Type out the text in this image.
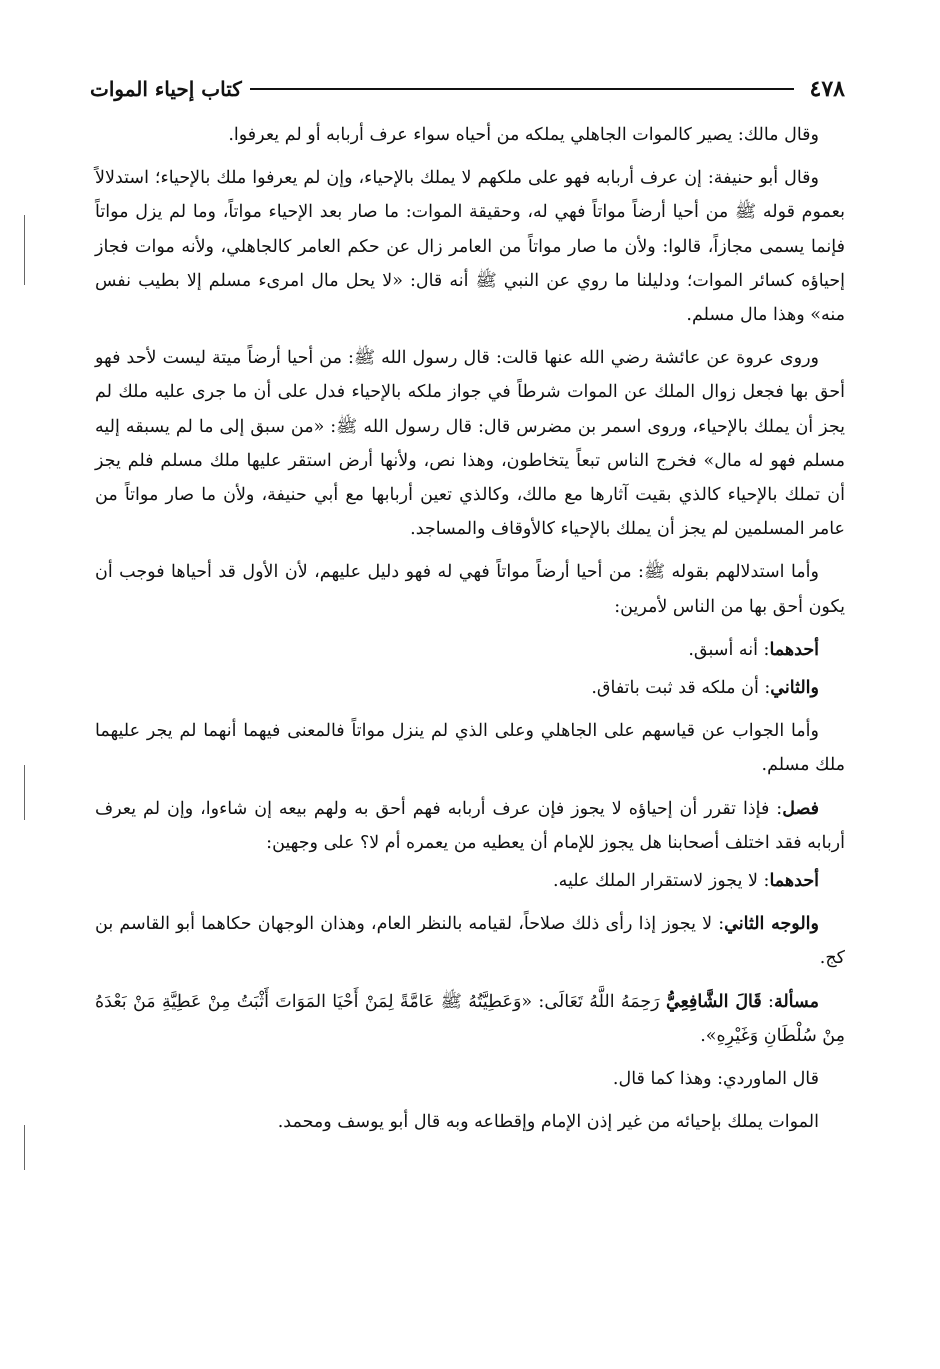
٤٧٨
كتاب إحياء الموات

وقال مالك: يصير كالموات الجاهلي يملكه من أحياه سواء عرف أربابه أو لم يعرفوا.

وقال أبو حنيفة: إن عرف أربابه فهو على ملكهم لا يملك بالإحياء، وإن لم يعرفوا ملك بالإحياء؛ استدلالاً بعموم قوله ﷺ من أحيا أرضاً مواتاً فهي له، وحقيقة الموات: ما صار بعد الإحياء مواتاً، وما لم يزل مواتاً فإنما يسمى مجازاً، قالوا: ولأن ما صار مواتاً من العامر زال عن حكم العامر كالجاهلي، ولأنه موات فجاز إحياؤه كسائر الموات؛ ودليلنا ما روي عن النبي ﷺ أنه قال: «لا يحل مال امرىء مسلم إلا بطيب نفس منه» وهذا مال مسلم.

وروى عروة عن عائشة رضي الله عنها قالت: قال رسول الله ﷺ: من أحيا أرضاً ميتة ليست لأحد فهو أحق بها فجعل زوال الملك عن الموات شرطاً في جواز ملكه بالإحياء فدل على أن ما جرى عليه ملك لم يجز أن يملك بالإحياء، وروى اسمر بن مضرس قال: قال رسول الله ﷺ: «من سبق إلى ما لم يسبقه إليه مسلم فهو له مال» فخرج الناس تبعاً يتخاطون، وهذا نص، ولأنها أرض استقر عليها ملك مسلم فلم يجز أن تملك بالإحياء كالذي بقيت آثارها مع مالك، وكالذي تعين أربابها مع أبي حنيفة، ولأن ما صار مواتاً من عامر المسلمين لم يجز أن يملك بالإحياء كالأوقاف والمساجد.

وأما استدلالهم بقوله ﷺ: من أحيا أرضاً مواتاً فهي له فهو دليل عليهم، لأن الأول قد أحياها فوجب أن يكون أحق بها من الناس لأمرين:

أحدهما: أنه أسبق.

والثاني: أن ملكه قد ثبت باتفاق.

وأما الجواب عن قياسهم على الجاهلي وعلى الذي لم ينزل مواتاً فالمعنى فيهما أنهما لم يجر عليهما ملك مسلم.

فصل: فإذا تقرر أن إحياؤه لا يجوز فإن عرف أربابه فهم أحق به ولهم بيعه إن شاءوا، وإن لم يعرف أربابه فقد اختلف أصحابنا هل يجوز للإمام أن يعطيه من يعمره أم لا؟ على وجهين:

أحدهما: لا يجوز لاستقرار الملك عليه.

والوجه الثاني: لا يجوز إذا رأى ذلك صلاحاً، لقيامه بالنظر العام، وهذان الوجهان حكاهما أبو القاسم بن كج.

مسألة: قَالَ الشَّافِعِيُّ رَحِمَهُ اللَّهُ تَعَالَى: «وَعَطِيَّتُهُ ﷺ عَامَّةً لِمَنْ أَحْيَا المَوَاتَ أَثْبَتُ مِنْ عَطِيَّةِ مَنْ بَعْدَهُ مِنْ سُلْطَانِ وَغَيْرِهِ».

قال الماوردي: وهذا كما قال.

الموات يملك بإحيائه من غير إذن الإمام وإقطاعه وبه قال أبو يوسف ومحمد.
